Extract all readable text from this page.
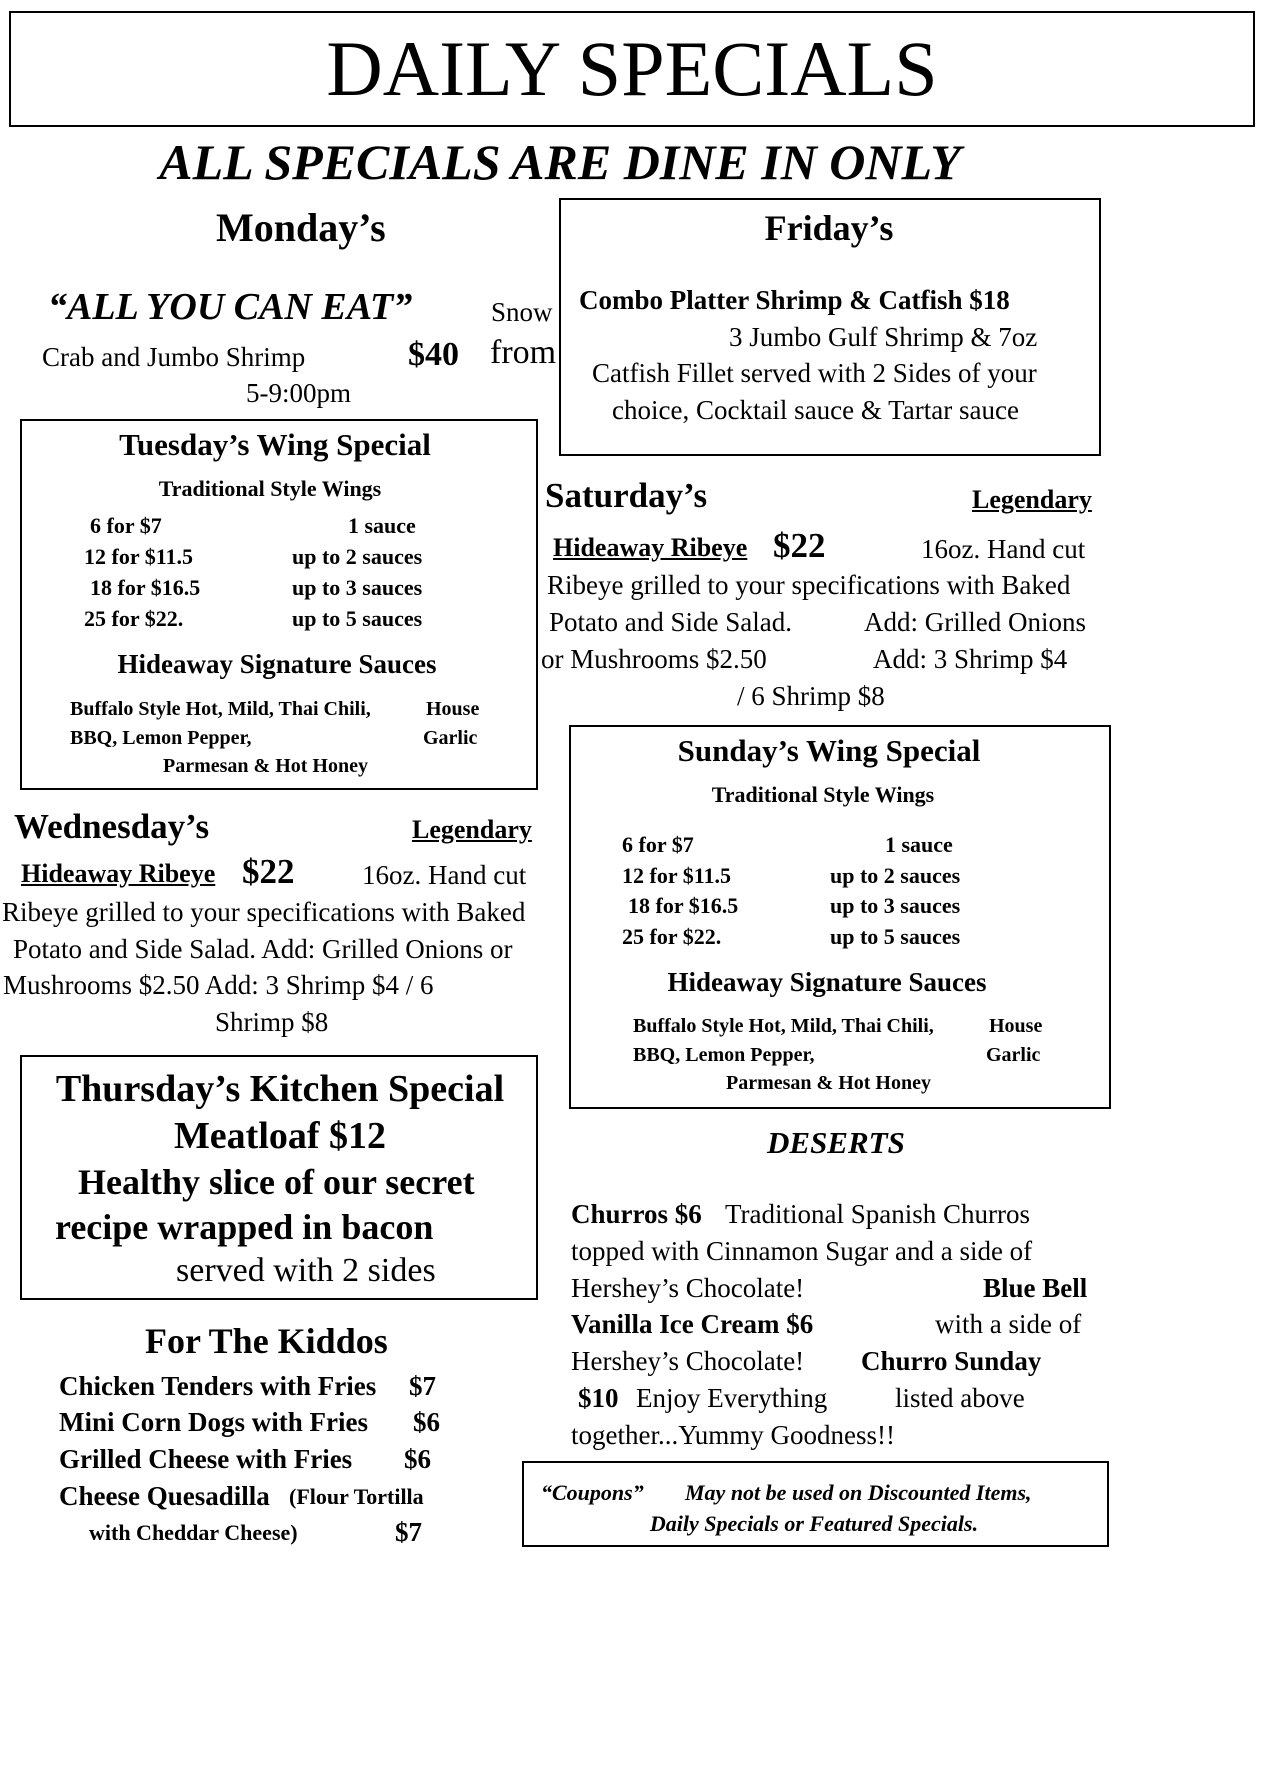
DAILY SPECIALS
ALL SPECIALS ARE DINE IN ONLY
Monday’s
“ALL YOU CAN EAT”	Snow
Crab and Jumbo Shrimp	$40 from
5-9:00pm
Tuesday’s Wing Special
Traditional Style Wings
6 for $7	1 sauce
12 for $11.5	up to 2 sauces
18 for $16.5	up to 3 sauces
25 for $22.	up to 5 sauces
Hideaway Signature Sauces
Buffalo Style Hot, Mild, Thai Chili,	House
BBQ, Lemon Pepper,	Garlic
Parmesan & Hot Honey
Wednesday’s	Legendary
Hideaway Ribeye $22	16oz. Hand cut
Ribeye grilled to your specifications with Baked
Potato and Side Salad. Add: Grilled Onions or
Mushrooms $2.50 Add: 3 Shrimp $4 / 6
Shrimp $8
Thursday’s Kitchen Special
Meatloaf $12
Healthy slice of our secret
recipe wrapped in bacon
served with 2 sides
For The Kiddos
Chicken Tenders with Fries $7
Mini Corn Dogs with Fries $6
Grilled Cheese with Fries $6
Cheese Quesadilla (Flour Tortilla
with Cheddar Cheese)	$7
Friday’s
Combo Platter Shrimp & Catfish $18
3 Jumbo Gulf Shrimp & 7oz
Catfish Fillet served with 2 Sides of your
choice, Cocktail sauce & Tartar sauce
Saturday’s	Legendary
Hideaway Ribeye $22	16oz. Hand cut
Ribeye grilled to your specifications with Baked
Potato and Side Salad.	Add: Grilled Onions
or Mushrooms $2.50	Add: 3 Shrimp $4
/ 6 Shrimp $8
Sunday’s Wing Special
Traditional Style Wings
6 for $7	1 sauce
12 for $11.5	up to 2 sauces
18 for $16.5	up to 3 sauces
25 for $22.	up to 5 sauces
Hideaway Signature Sauces
Buffalo Style Hot, Mild, Thai Chili,	House
BBQ, Lemon Pepper,	Garlic
Parmesan & Hot Honey
DESERTS
Churros $6 Traditional Spanish Churros
topped with Cinnamon Sugar and a side of
Hershey’s Chocolate!	Blue Bell
Vanilla Ice Cream $6	with a side of
Hershey’s Chocolate! Churro Sunday
$10 Enjoy Everything	listed above
together...Yummy Goodness!!
“Coupons” May not be used on Discounted Items,
Daily Specials or Featured Specials.
